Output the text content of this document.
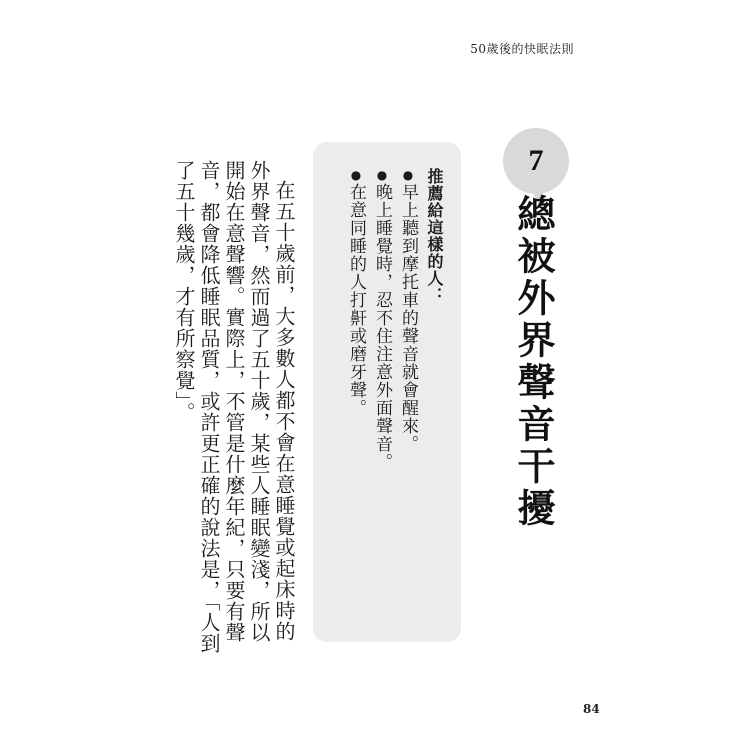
50歲後的快眠法則
7
總被外界聲音干擾
推薦給這樣的人：
●早上聽到摩托車的聲音就會醒來。
●晚上睡覺時，忍不住注意外面聲音。
●在意同睡的人打鼾或磨牙聲。

在五十歲前，大多數人都不會在意睡覺或起床時的外界聲音，然而過了五十歲，某些人睡眠變淺，所以開始在意聲響。實際上，不管是什麼年紀，只要有聲音，都會降低睡眠品質，或許更正確的說法是，「人到了五十幾歲，才有所察覺」。

84
